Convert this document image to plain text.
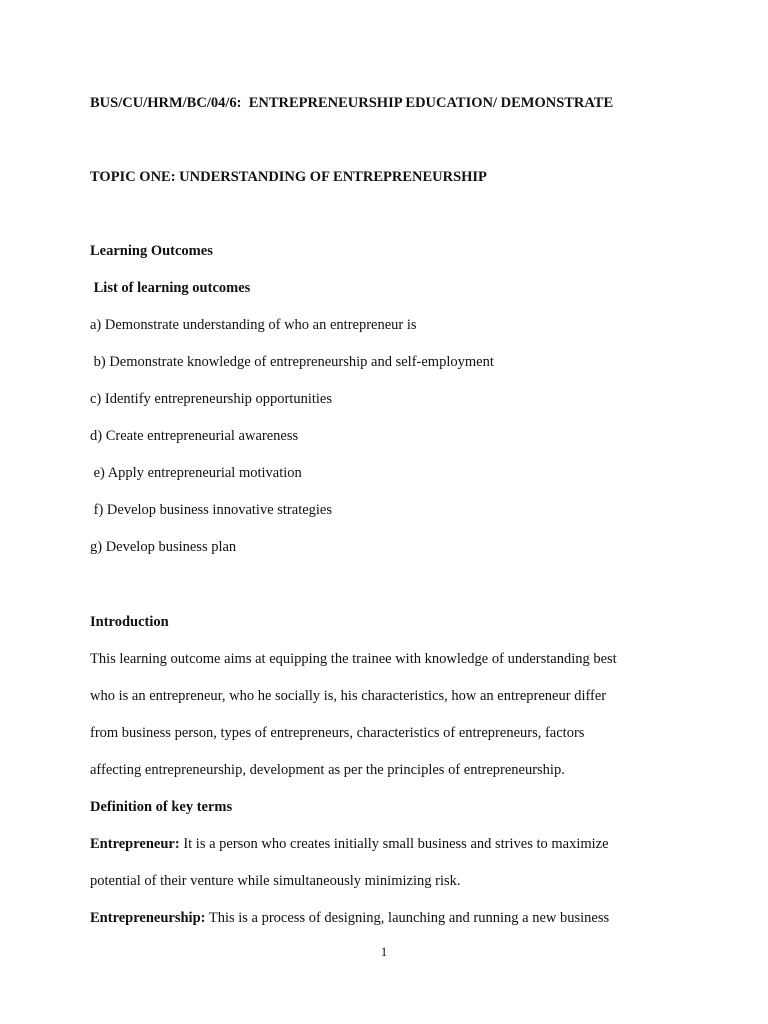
BUS/CU/HRM/BC/04/6:  ENTREPRENEURSHIP EDUCATION/ DEMONSTRATE
TOPIC ONE: UNDERSTANDING OF ENTREPRENEURSHIP
Learning Outcomes
List of learning outcomes
a) Demonstrate understanding of who an entrepreneur is
b) Demonstrate knowledge of entrepreneurship and self-employment
c) Identify entrepreneurship opportunities
d) Create entrepreneurial awareness
e) Apply entrepreneurial motivation
f) Develop business innovative strategies
g) Develop business plan
Introduction
This learning outcome aims at equipping the trainee with knowledge of understanding best
who is an entrepreneur, who he socially is, his characteristics, how an entrepreneur differ
from business person, types of entrepreneurs, characteristics of entrepreneurs, factors
affecting entrepreneurship, development as per the principles of entrepreneurship.
Definition of key terms
Entrepreneur: It is a person who creates initially small business and strives to maximize
potential of their venture while simultaneously minimizing risk.
Entrepreneurship: This is a process of designing, launching and running a new business
1
